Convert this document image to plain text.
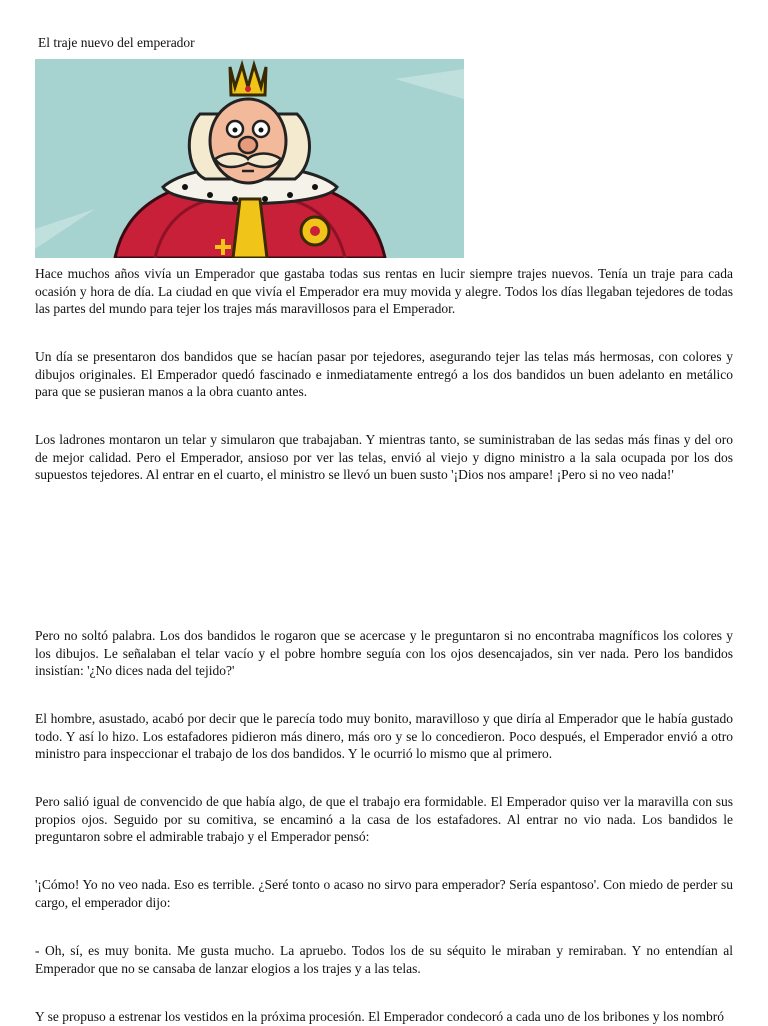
El traje nuevo del emperador

Hace muchos años vivía un Emperador que gastaba todas sus rentas en lucir siempre trajes nuevos. Tenía un traje para cada ocasión y hora de día. La ciudad en que vivía el Emperador era muy movida y alegre. Todos los días llegaban tejedores de todas las partes del mundo para tejer los trajes más maravillosos para el Emperador.

Un día se presentaron dos bandidos que se hacían pasar por tejedores, asegurando tejer las telas más hermosas, con colores y dibujos originales. El Emperador quedó fascinado e inmediatamente entregó a los dos bandidos un buen adelanto en metálico para que se pusieran manos a la obra cuanto antes.

Los ladrones montaron un telar y simularon que trabajaban. Y mientras tanto, se suministraban de las sedas más finas y del oro de mejor calidad. Pero el Emperador, ansioso por ver las telas, envió al viejo y digno ministro a la sala ocupada por los dos supuestos tejedores. Al entrar en el cuarto, el ministro se llevó un buen susto '¡Dios nos ampare! ¡Pero si no veo nada!'

Pero no soltó palabra. Los dos bandidos le rogaron que se acercase y le preguntaron si no encontraba magníficos los colores y los dibujos. Le señalaban el telar vacío y el pobre hombre seguía con los ojos desencajados, sin ver nada. Pero los bandidos insistían: '¿No dices nada del tejido?'

El hombre, asustado, acabó por decir que le parecía todo muy bonito, maravilloso y que diría al Emperador que le había gustado todo. Y así lo hizo. Los estafadores pidieron más dinero, más oro y se lo concedieron. Poco después, el Emperador envió a otro ministro para inspeccionar el trabajo de los dos bandidos. Y le ocurrió lo mismo que al primero.

Pero salió igual de convencido de que había algo, de que el trabajo era formidable. El Emperador quiso ver la maravilla con sus propios ojos. Seguido por su comitiva, se encaminó a la casa de los estafadores. Al entrar no vio nada. Los bandidos le preguntaron sobre el admirable trabajo y el Emperador pensó:

'¡Cómo! Yo no veo nada. Eso es terrible. ¿Seré tonto o acaso no sirvo para emperador? Sería espantoso'. Con miedo de perder su cargo, el emperador dijo:

- Oh, sí, es muy bonita. Me gusta mucho. La apruebo. Todos los de su séquito le miraban y remiraban. Y no entendían al Emperador que no se cansaba de lanzar elogios a los trajes y a las telas.

Y se propuso a estrenar los vestidos en la próxima procesión. El Emperador condecoró a cada uno de los bribones y los nombró
